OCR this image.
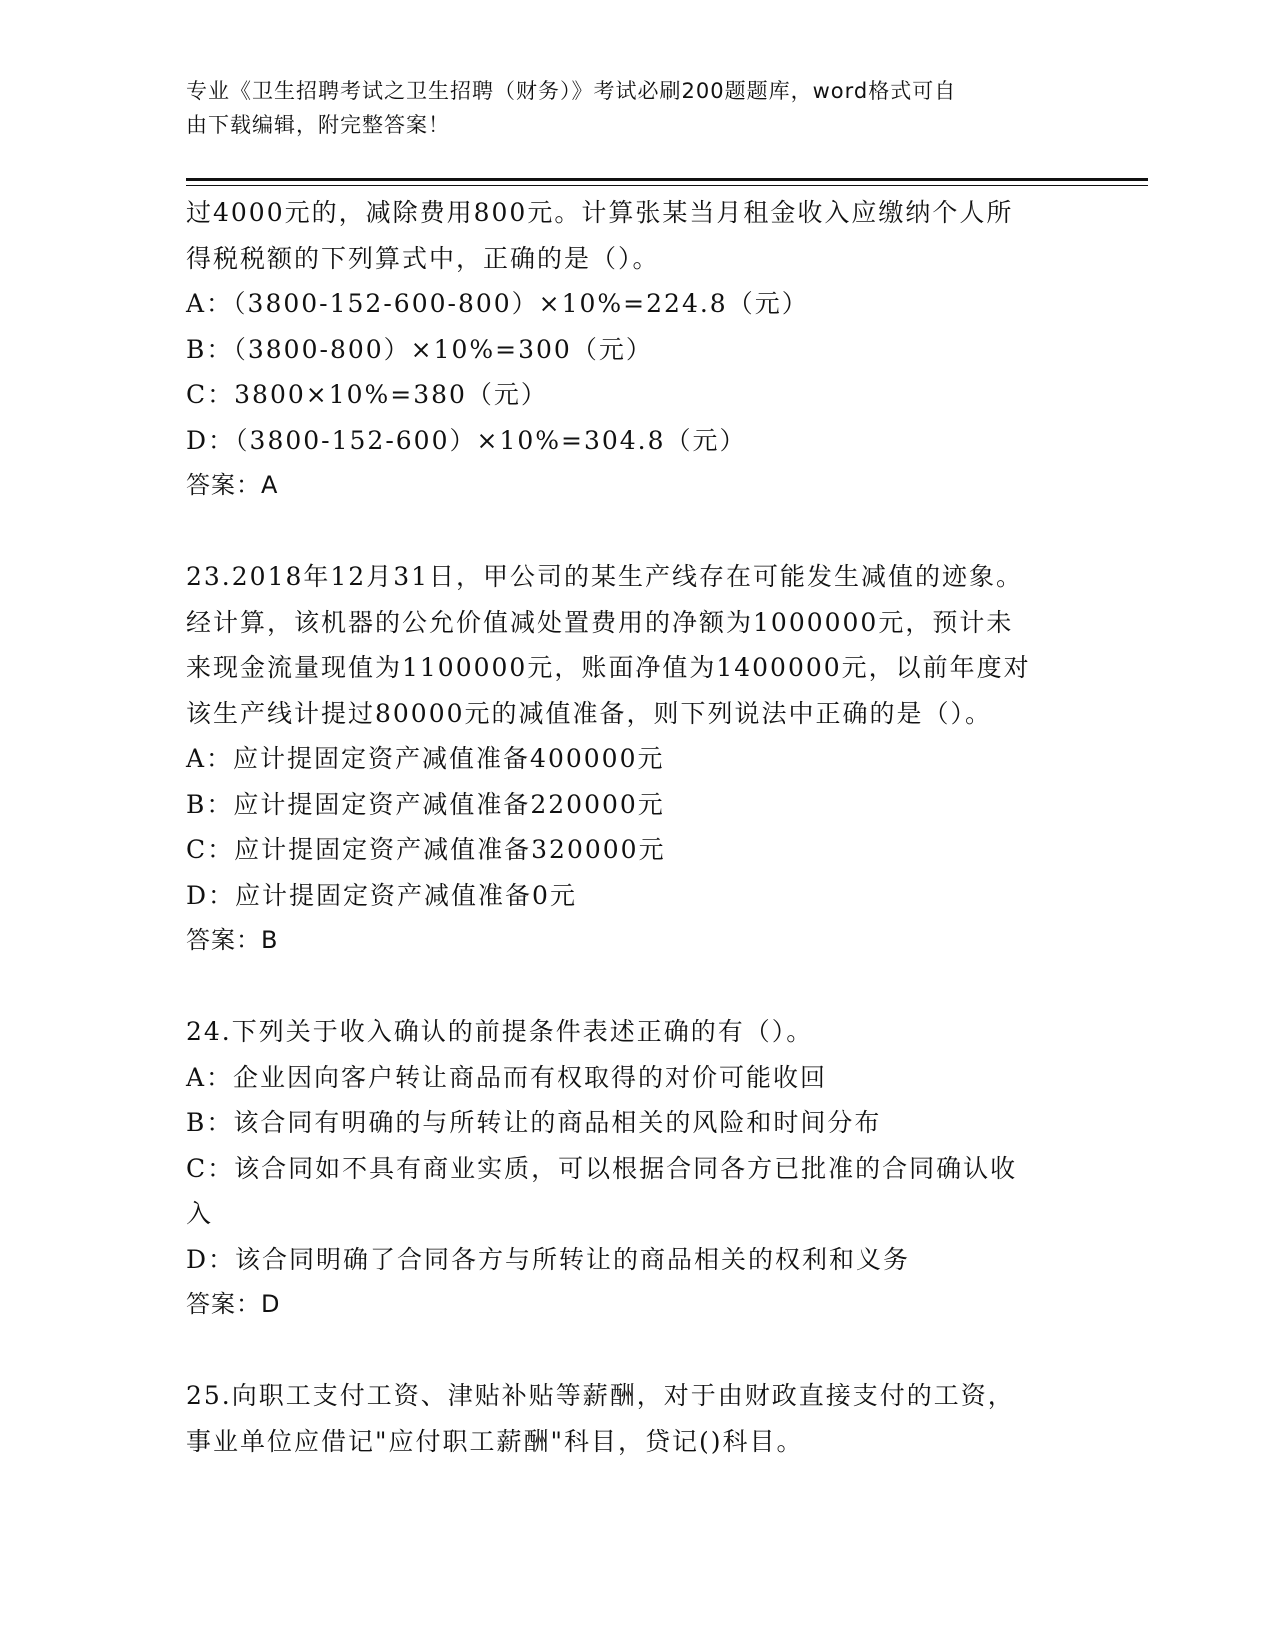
专业《卫生招聘考试之卫生招聘（财务）》考试必刷200题题库，word格式可自
由下载编辑，附完整答案！
过4000元的，减除费用800元。计算张某当月租金收入应缴纳个人所
得税税额的下列算式中，正确的是（）。
A：（3800-152-600-800）×10%=224.8（元）
B：（3800-800）×10%=300（元）
C：3800×10%=380（元）
D：（3800-152-600）×10%=304.8（元）
答案：A
23.2018年12月31日，甲公司的某生产线存在可能发生减值的迹象。
经计算，该机器的公允价值减处置费用的净额为1000000元，预计未
来现金流量现值为1100000元，账面净值为1400000元，以前年度对
该生产线计提过80000元的减值准备，则下列说法中正确的是（）。
A：应计提固定资产减值准备400000元
B：应计提固定资产减值准备220000元
C：应计提固定资产减值准备320000元
D：应计提固定资产减值准备0元
答案：B
24.下列关于收入确认的前提条件表述正确的有（）。
A：企业因向客户转让商品而有权取得的对价可能收回
B：该合同有明确的与所转让的商品相关的风险和时间分布
C：该合同如不具有商业实质，可以根据合同各方已批准的合同确认收
入
D：该合同明确了合同各方与所转让的商品相关的权利和义务
答案：D
25.向职工支付工资、津贴补贴等薪酬，对于由财政直接支付的工资，
事业单位应借记"应付职工薪酬"科目，贷记()科目。
